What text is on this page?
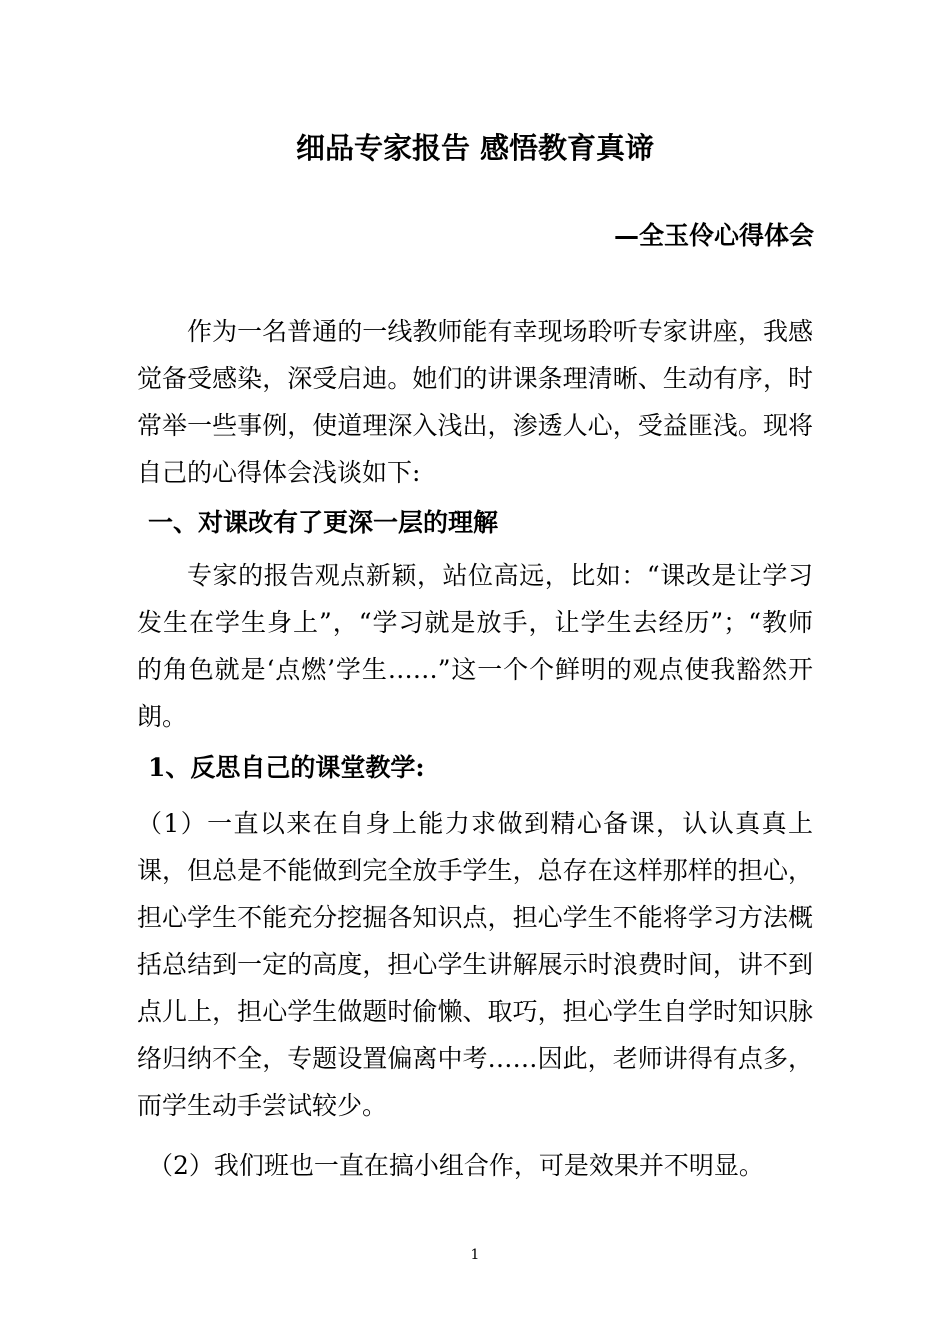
细品专家报告 感悟教育真谛
—全玉伶心得体会
作为一名普通的一线教师能有幸现场聆听专家讲座，我感觉备受感染，深受启迪。她们的讲课条理清晰、生动有序，时常举一些事例，使道理深入浅出，渗透人心，受益匪浅。现将自己的心得体会浅谈如下:
一、对课改有了更深一层的理解
专家的报告观点新颖，站位高远，比如：“课改是让学习发生在学生身上”，“学习就是放手，让学生去经历”；“教师的角色就是‘点燃’学生……”这一个个鲜明的观点使我豁然开朗。
1、反思自己的课堂教学:
（1）一直以来在自身上能力求做到精心备课，认认真真上课，但总是不能做到完全放手学生，总存在这样那样的担心，担心学生不能充分挖掘各知识点，担心学生不能将学习方法概括总结到一定的高度，担心学生讲解展示时浪费时间，讲不到点儿上，担心学生做题时偷懒、取巧，担心学生自学时知识脉络归纳不全，专题设置偏离中考……因此，老师讲得有点多，而学生动手尝试较少。
（2）我们班也一直在搞小组合作，可是效果并不明显。
1
